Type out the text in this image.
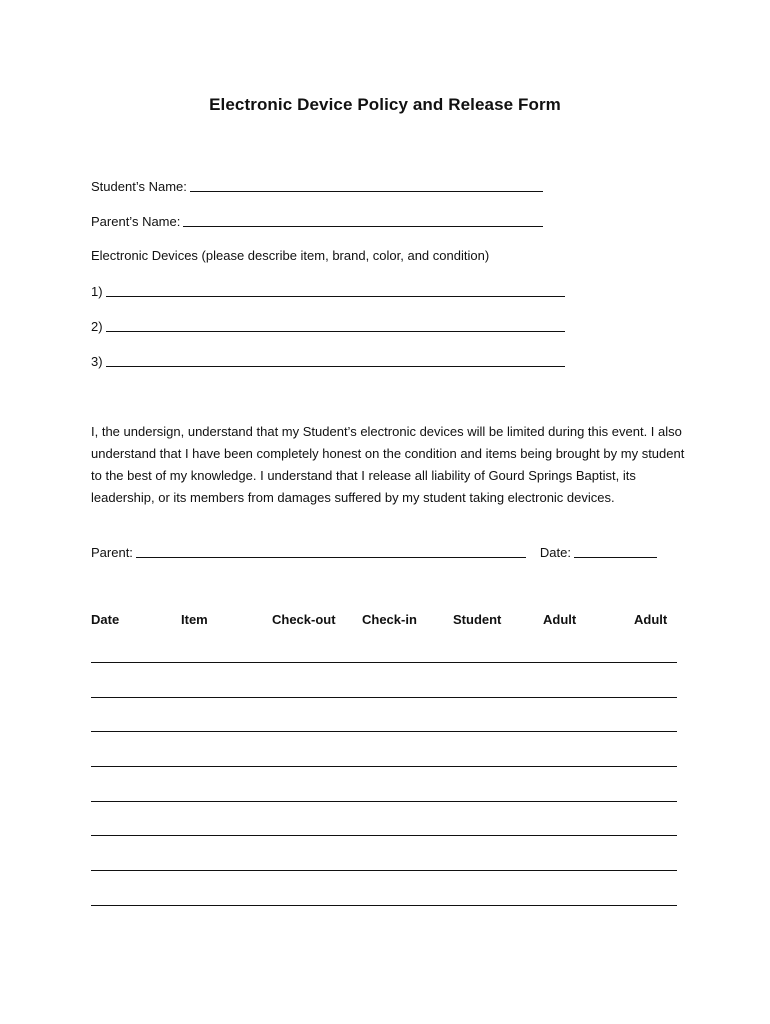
Electronic Device Policy and Release Form
Student’s Name:
Parent’s Name:
Electronic Devices (please describe item, brand, color, and condition)
1)
2)
3)
I, the undersign, understand that my Student’s electronic devices will be limited during this event. I also understand that I have been completely honest on the condition and items being brought by my student to the best of my knowledge. I understand that I release all liability of Gourd Springs Baptist, its leadership, or its members from damages suffered by my student taking electronic devices.
Parent:	Date:
Date	Item	Check-out Check-in	Student	Adult	Adult
